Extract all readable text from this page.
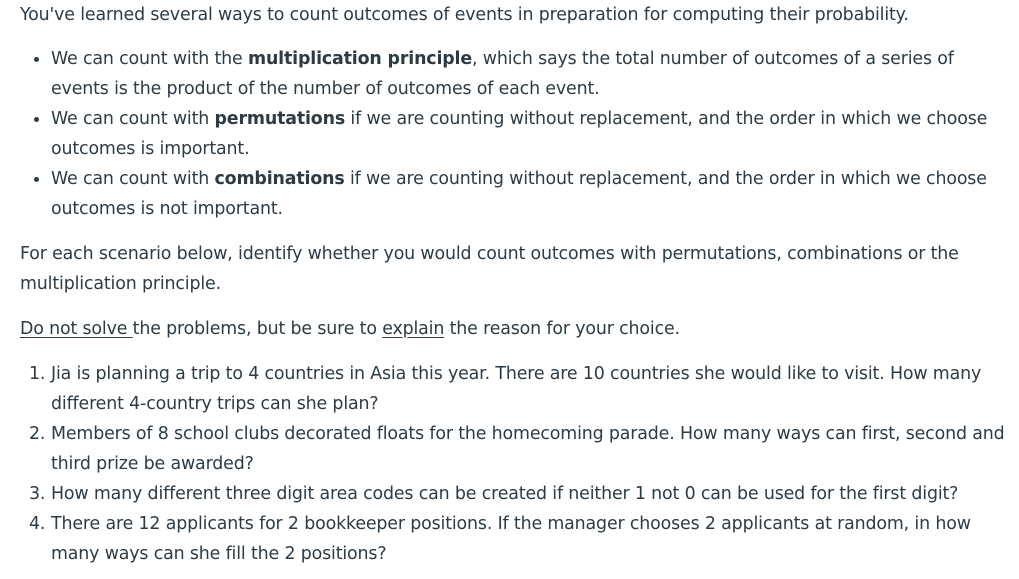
You've learned several ways to count outcomes of events in preparation for computing their probability.

We can count with the multiplication principle, which says the total number of outcomes of a series of events is the product of the number of outcomes of each event.
We can count with permutations if we are counting without replacement, and the order in which we choose outcomes is important.
We can count with combinations if we are counting without replacement, and the order in which we choose outcomes is not important.

For each scenario below, identify whether you would count outcomes with permutations, combinations or the multiplication principle.

Do not solve the problems, but be sure to explain the reason for your choice.

1. Jia is planning a trip to 4 countries in Asia this year. There are 10 countries she would like to visit. How many different 4-country trips can she plan?
2. Members of 8 school clubs decorated floats for the homecoming parade. How many ways can first, second and third prize be awarded?
3. How many different three digit area codes can be created if neither 1 not 0 can be used for the first digit?
4. There are 12 applicants for 2 bookkeeper positions. If the manager chooses 2 applicants at random, in how many ways can she fill the 2 positions?
